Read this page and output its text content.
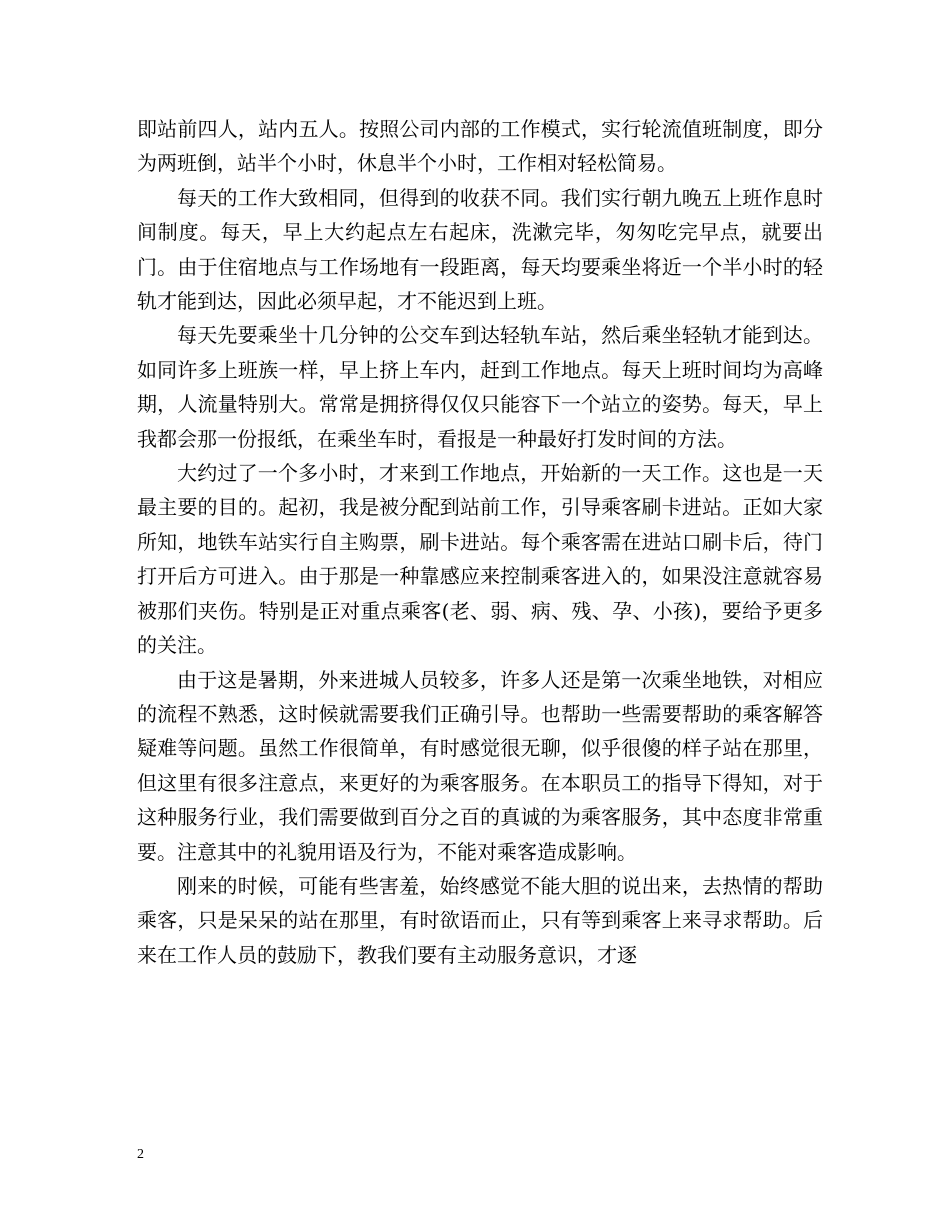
即站前四人，站内五人。按照公司内部的工作模式，实行轮流值班制度，即分为两班倒，站半个小时，休息半个小时，工作相对轻松简易。

每天的工作大致相同，但得到的收获不同。我们实行朝九晚五上班作息时间制度。每天，早上大约起点左右起床，洗漱完毕，匆匆吃完早点，就要出门。由于住宿地点与工作场地有一段距离，每天均要乘坐将近一个半小时的轻轨才能到达，因此必须早起，才不能迟到上班。

每天先要乘坐十几分钟的公交车到达轻轨车站，然后乘坐轻轨才能到达。如同许多上班族一样，早上挤上车内，赶到工作地点。每天上班时间均为高峰期，人流量特别大。常常是拥挤得仅仅只能容下一个站立的姿势。每天，早上我都会那一份报纸，在乘坐车时，看报是一种最好打发时间的方法。

大约过了一个多小时，才来到工作地点，开始新的一天工作。这也是一天最主要的目的。起初，我是被分配到站前工作，引导乘客刷卡进站。正如大家所知，地铁车站实行自主购票，刷卡进站。每个乘客需在进站口刷卡后，待门打开后方可进入。由于那是一种靠感应来控制乘客进入的，如果没注意就容易被那们夹伤。特别是正对重点乘客(老、弱、病、残、孕、小孩)，要给予更多的关注。

由于这是暑期，外来进城人员较多，许多人还是第一次乘坐地铁，对相应的流程不熟悉，这时候就需要我们正确引导。也帮助一些需要帮助的乘客解答疑难等问题。虽然工作很简单，有时感觉很无聊，似乎很傻的样子站在那里，但这里有很多注意点，来更好的为乘客服务。在本职员工的指导下得知，对于这种服务行业，我们需要做到百分之百的真诚的为乘客服务，其中态度非常重要。注意其中的礼貌用语及行为，不能对乘客造成影响。

刚来的时候，可能有些害羞，始终感觉不能大胆的说出来，去热情的帮助乘客，只是呆呆的站在那里，有时欲语而止，只有等到乘客上来寻求帮助。后来在工作人员的鼓励下，教我们要有主动服务意识，才逐

2
